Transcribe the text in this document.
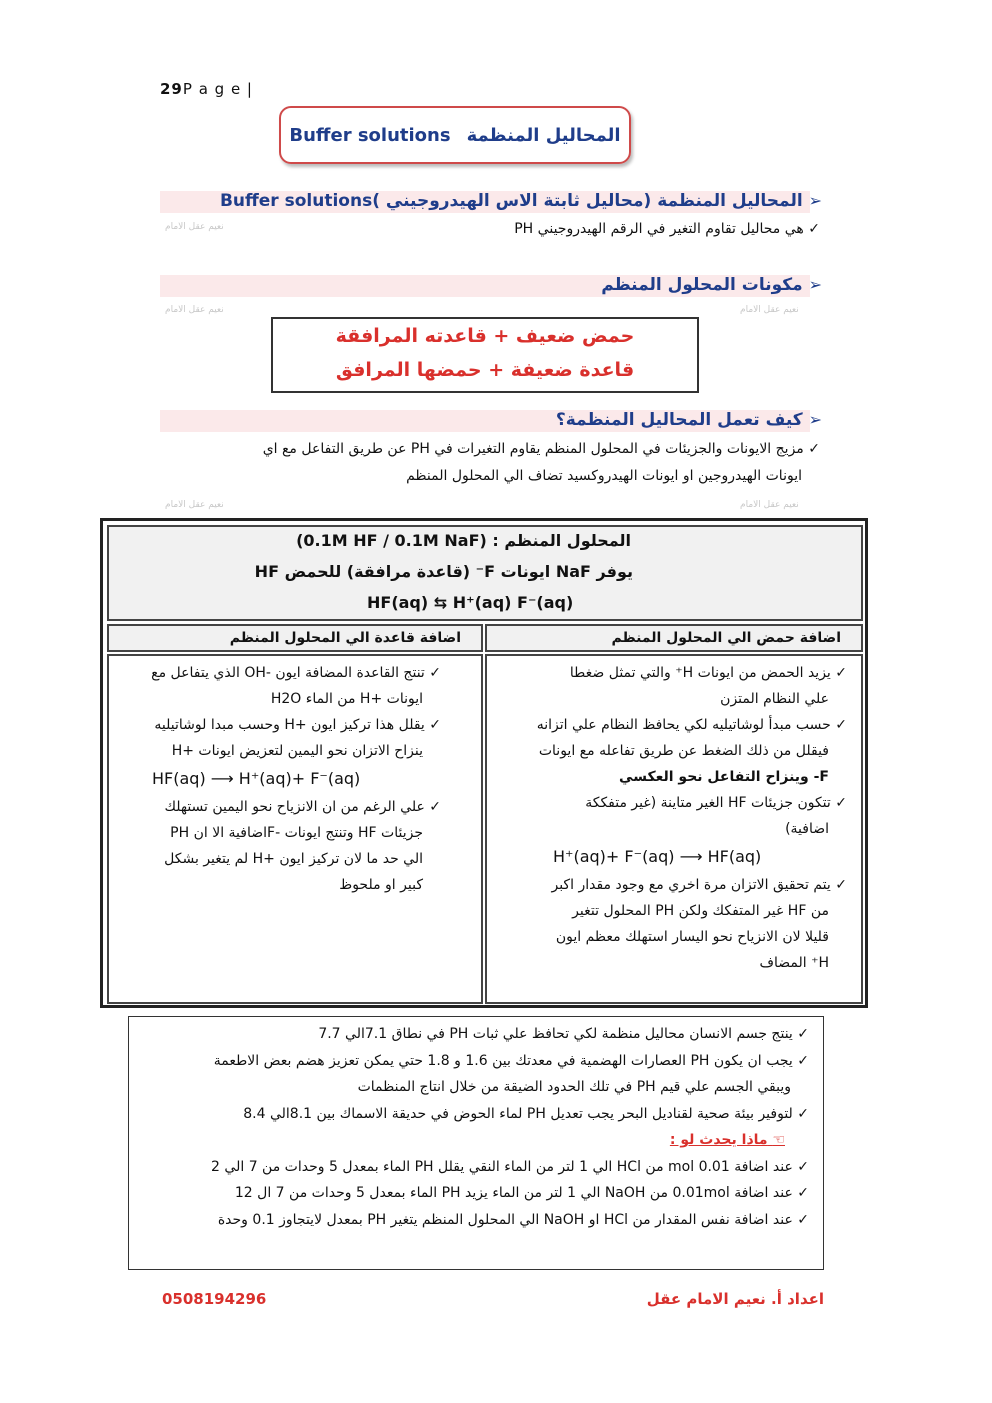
29P a g e |
Buffer solutions المحاليل المنظمة
نعيم عقل الامام
نعيم عقل الامام	نعيم عقل الامام
نعيم عقل الامام	نعيم عقل الامام
➢ المحاليل المنظمة (محاليل ثابتة الاس الهيدروجيني )Buffer solutions
✓ هي محاليل تقاوم التغير في الرقم الهيدروجيني PH
➢ مكونات المحلول المنظم
حمض ضعيف + قاعدته المرافقة
قاعدة ضعيفة + حمضها المرافق
➢ كيف تعمل المحاليل المنظمة؟
✓ مزيج الايونات والجزيئات في المحلول المنظم يقاوم التغيرات في PH عن طريق التفاعل مع اي
ايونات الهيدروجين او ايونات الهيدروكسيد تضاف الي المحلول المنظم
المحلول المنظم : (0.1M HF / 0.1M NaF)
يوفر NaF ايونات F⁻ (قاعدة مرافقة) للحمض HF
HF(aq) ⇆ H⁺(aq) F⁻(aq)
اضافة حمض الي المحلول المنظم
اضافة قاعدة الي المحلول المنظم

✓ يزيد الحمض من ايونات H⁺ والتي تمثل ضغطا

علي النظام المتزن

✓ حسب مبدأ لوشاتيليه لكي يحافظ النظام علي اتزانه

فيقلل من ذلك الضغط عن طريق تفاعله مع ايونات

F- وينزاح التفاعل نحو العكسي

✓ تتكون جزيئات HF الغير متاينة (غير متفككة

اضافية)

H⁺(aq)+ F⁻(aq) ⟶ HF(aq)

✓ يتم تحقيق الاتزان مرة اخري مع وجود مقدار اكبر

من HF غير المتفكك ولكن PH المحلول تتغير

قليلا لان الانزياح نحو اليسار استهلك معظم ايون

H⁺ المضاف

✓ تنتج القاعدة المضافة ايون -OH الذي يتفاعل مع

ايونات +H من الماء H2O

✓ يقلل هذا تركيز ايون +H وحسب مبدا لوشاتيليه

ينزاح الاتزان نحو اليمين لتعزيض ايونات +H

HF(aq) ⟶ H⁺(aq)+ F⁻(aq)

✓ علي الرغم من ان الانزياح نحو اليمين تستهلك

جزيئات HF وتنتج ايونات -Fاضافية الا ان PH

الي حد ما لان تركيز ايون +H لم يتغير بشكل

كبير او ملحوظ

✓ ينتج جسم الانسان محاليل منظمة لكي تحافظ علي ثبات PH في نطاق 7.1الي 7.7

✓ يجب ان يكون PH العصارات الهضمية في معدتك بين 1.6 و 1.8 حتي يمكن تعزيز هضم بعض الاطعمة

ويبقي الجسم علي قيم PH في تلك الحدود الضيقة من خلال انتاج المنظمات

✓ لتوفير بيئة صحية لقناديل البحر يجب تعديل PH لماء الحوض في حديقة الاسماك بين 8.1الي 8.4

☜ ماذا يحدث لو :

✓ عند اضافة 0.01 mol من HCl الي 1 لتر من الماء النقي يقلل PH الماء بمعدل 5 وحدات من 7 الي 2

✓ عند اضافة 0.01mol من NaOH الي 1 لتر من الماء يزيد PH الماء بمعدل 5 وحدات من 7 ال 12

✓ عند اضافة نفس المقدار من HCl او NaOH الي المحلول المنظم يتغير PH بمعدل لايتجاوز 0.1 وحدة

0508194296	اعداد أ. نعيم الامام عقل
